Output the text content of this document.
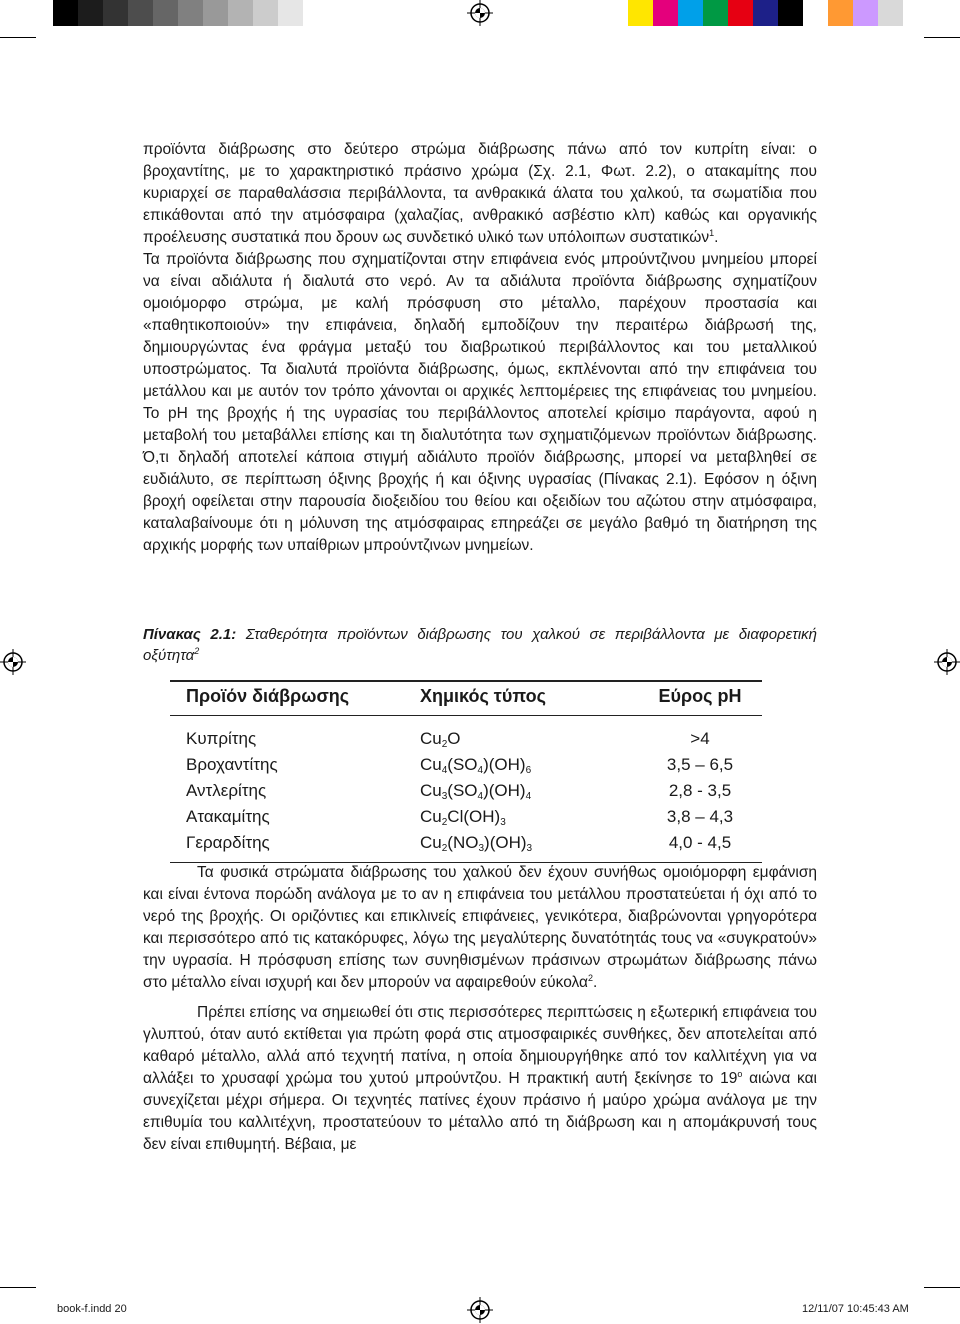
προϊόντα διάβρωσης στο δεύτερο στρώμα διάβρωσης πάνω από τον κυπρίτη είναι: ο βροχαντίτης, με το χαρακτηριστικό πράσινο χρώμα (Σχ. 2.1, Φωτ. 2.2), ο ατακαμίτης που κυριαρχεί σε παραθαλάσσια περιβάλλοντα, τα ανθρακικά άλατα του χαλκού, τα σωματίδια που επικάθονται από την ατμόσφαιρα (χαλαζίας, ανθρακικό ασβέστιο κλπ) καθώς και οργανικής προέλευσης συστατικά που δρουν ως συνδετικό υλικό των υπόλοιπων συστατικών$^1$.

Τα προϊόντα διάβρωσης που σχηματίζονται στην επιφάνεια ενός μπρούντζινου μνημείου μπορεί να είναι αδιάλυτα ή διαλυτά στο νερό. Αν τα αδιάλυτα προϊόντα διάβρωσης σχηματίζουν ομοιόμορφο στρώμα, με καλή πρόσφυση στο μέταλλο, παρέχουν προστασία και «παθητικοποιούν» την επιφάνεια, δηλαδή εμποδίζουν την περαιτέρω διάβρωσή της, δημιουργώντας ένα φράγμα μεταξύ του διαβρωτικού περιβάλλοντος και του μεταλλικού υποστρώματος. Τα διαλυτά προϊόντα διάβρωσης, όμως, εκπλένονται από την επιφάνεια του μετάλλου και με αυτόν τον τρόπο χάνονται οι αρχικές λεπτομέρειες της επιφάνειας του μνημείου. Το pH της βροχής ή της υγρασίας του περιβάλλοντος αποτελεί κρίσιμο παράγοντα, αφού η μεταβολή του μεταβάλλει επίσης και τη διαλυτότητα των σχηματιζόμενων προϊόντων διάβρωσης. Ό,τι δηλαδή αποτελεί κάποια στιγμή αδιάλυτο προϊόν διάβρωσης, μπορεί να μεταβληθεί σε ευδιάλυτο, σε περίπτωση όξινης βροχής ή και όξινης υγρασίας (Πίνακας 2.1). Εφόσον η όξινη βροχή οφείλεται στην παρουσία διοξειδίου του θείου και οξειδίων του αζώτου στην ατμόσφαιρα, καταλαβαίνουμε ότι η μόλυνση της ατμόσφαιρας επηρεάζει σε μεγάλο βαθμό τη διατήρηση της αρχικής μορφής των υπαίθριων μπρούντζινων μνημείων.

Πίνακας 2.1: Σταθερότητα προϊόντων διάβρωσης του χαλκού σε περιβάλλοντα με διαφορετική οξύτητα$^2$
Προϊόν διάβρωσης	Χημικός τύπος	Εύρος pH
Κυπρίτης	$Cu_2O$	>4
Βροχαντίτης	$Cu_4(SO_4)(OH)_6$	3,5 – 6,5
Αντλερίτης	$Cu_3(SO_4)(OH)_4$	2,8 - 3,5
Ατακαμίτης	$Cu_2Cl(OH)_3$	3,8 – 4,3
Γεραρδίτης	$Cu_2(NO_3)(OH)_3$	4,0 - 4,5

Τα φυσικά στρώματα διάβρωσης του χαλκού δεν έχουν συνήθως ομοιόμορφη εμφάνιση και είναι έντονα πορώδη ανάλογα με το αν η επιφάνεια του μετάλλου προστατεύεται ή όχι από το νερό της βροχής. Οι οριζόντιες και επικλινείς επιφάνειες, γενικότερα, διαβρώνονται γρηγορότερα και περισσότερο από τις κατακόρυφες, λόγω της μεγαλύτερης δυνατότητάς τους να «συγκρατούν» την υγρασία. Η πρόσφυση επίσης των συνηθισμένων πράσινων στρωμάτων διάβρωσης πάνω στο μέταλλο είναι ισχυρή και δεν μπορούν να αφαιρεθούν εύκολα$^2$.

Πρέπει επίσης να σημειωθεί ότι στις περισσότερες περιπτώσεις η εξωτερική επιφάνεια του γλυπτού, όταν αυτό εκτίθεται για πρώτη φορά στις ατμοσφαιρικές συνθήκες, δεν αποτελείται από καθαρό μέταλλο, αλλά από τεχνητή πατίνα, η οποία δημιουργήθηκε από τον καλλιτέχνη για να αλλάξει το χρυσαφί χρώμα του χυτού μπρούντζου. Η πρακτική αυτή ξεκίνησε το $19^o$ αιώνα και συνεχίζεται μέχρι σήμερα. Οι τεχνητές πατίνες έχουν πράσινο ή μαύρο χρώμα ανάλογα με την επιθυμία του καλλιτέχνη, προστατεύουν το μέταλλο από τη διάβρωση και η απομάκρυνσή τους δεν είναι επιθυμητή. Βέβαια, με

book-f.indd 20	12/11/07 10:45:43 AM
